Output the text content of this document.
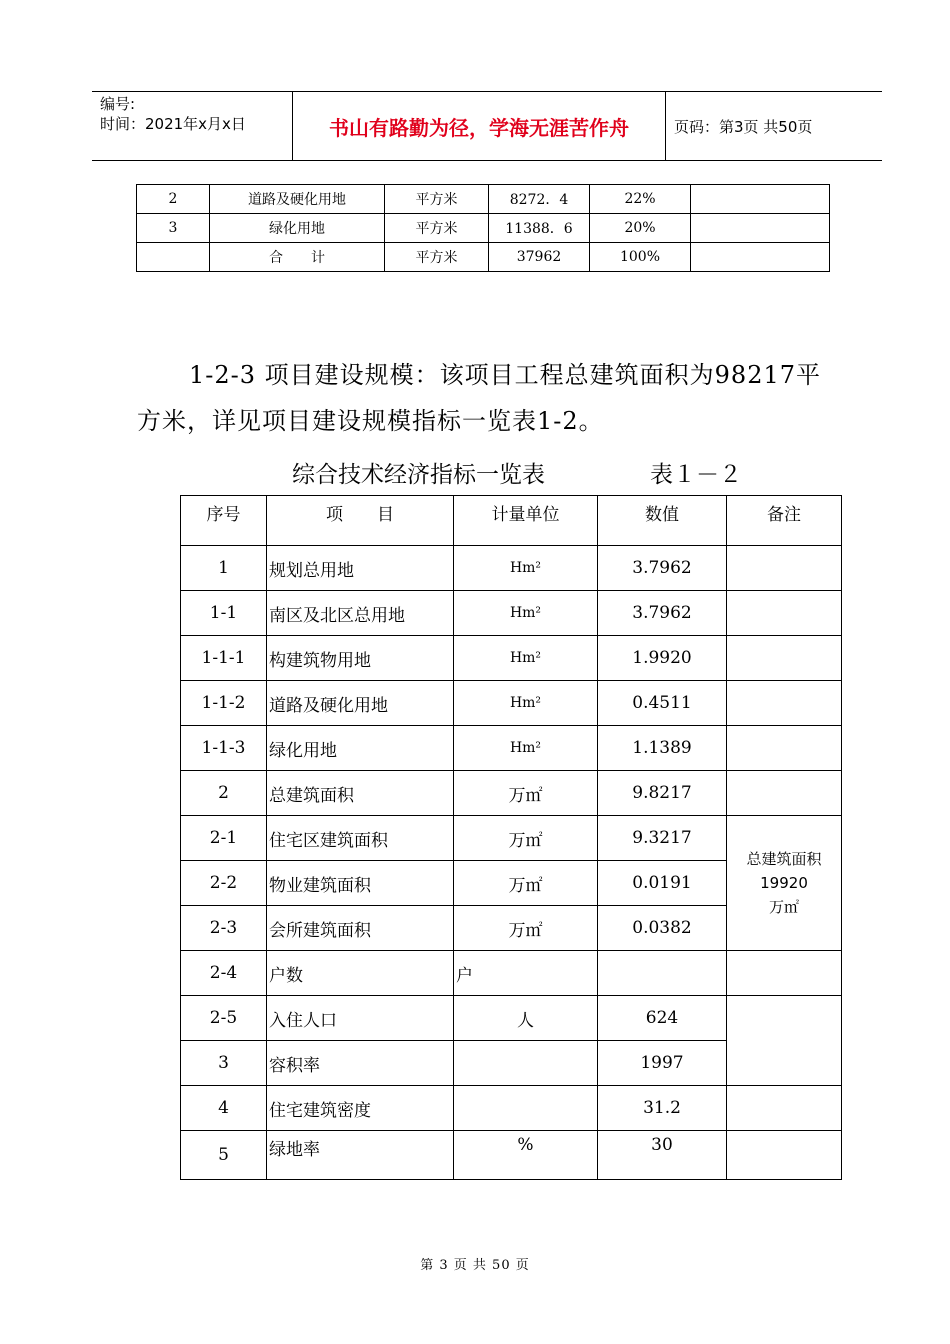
编号:
时间：2021年x月x日	书山有路勤为径，学海无涯苦作舟	页码：第3页 共50页
2	道路及硬化用地	平方米	8272．4	22%	
3	绿化用地	平方米	11388．6	20%	
	合　　计	平方米	37962	100%	
1-2-3 项目建设规模：该项目工程总建筑面积为98217平
方米，详见项目建设规模指标一览表1-2。
综合技术经济指标一览表	表１－２
序号	项　　目	计量单位	数值	备注
1	规划总用地	Hm²	3.7962	
1-1	南区及北区总用地	Hm²	3.7962	
1-1-1	构建筑物用地	Hm²	1.9920	
1-1-2	道路及硬化用地	Hm²	0.4511	
1-1-3	绿化用地	Hm²	1.1389	
2	总建筑面积	万㎡	9.8217	
2-1	住宅区建筑面积	万㎡	9.3217	总建筑面积
19920
万㎡

2-2	物业建筑面积	万㎡	0.0191	
2-3	会所建筑面积	万㎡	0.0382	
2-4	户数	户		
2-5	入住人口	人	624	
3	容积率		1997	
4	住宅建筑密度		31.2	
5	绿地率	%	30	
第 3 页 共 50 页
